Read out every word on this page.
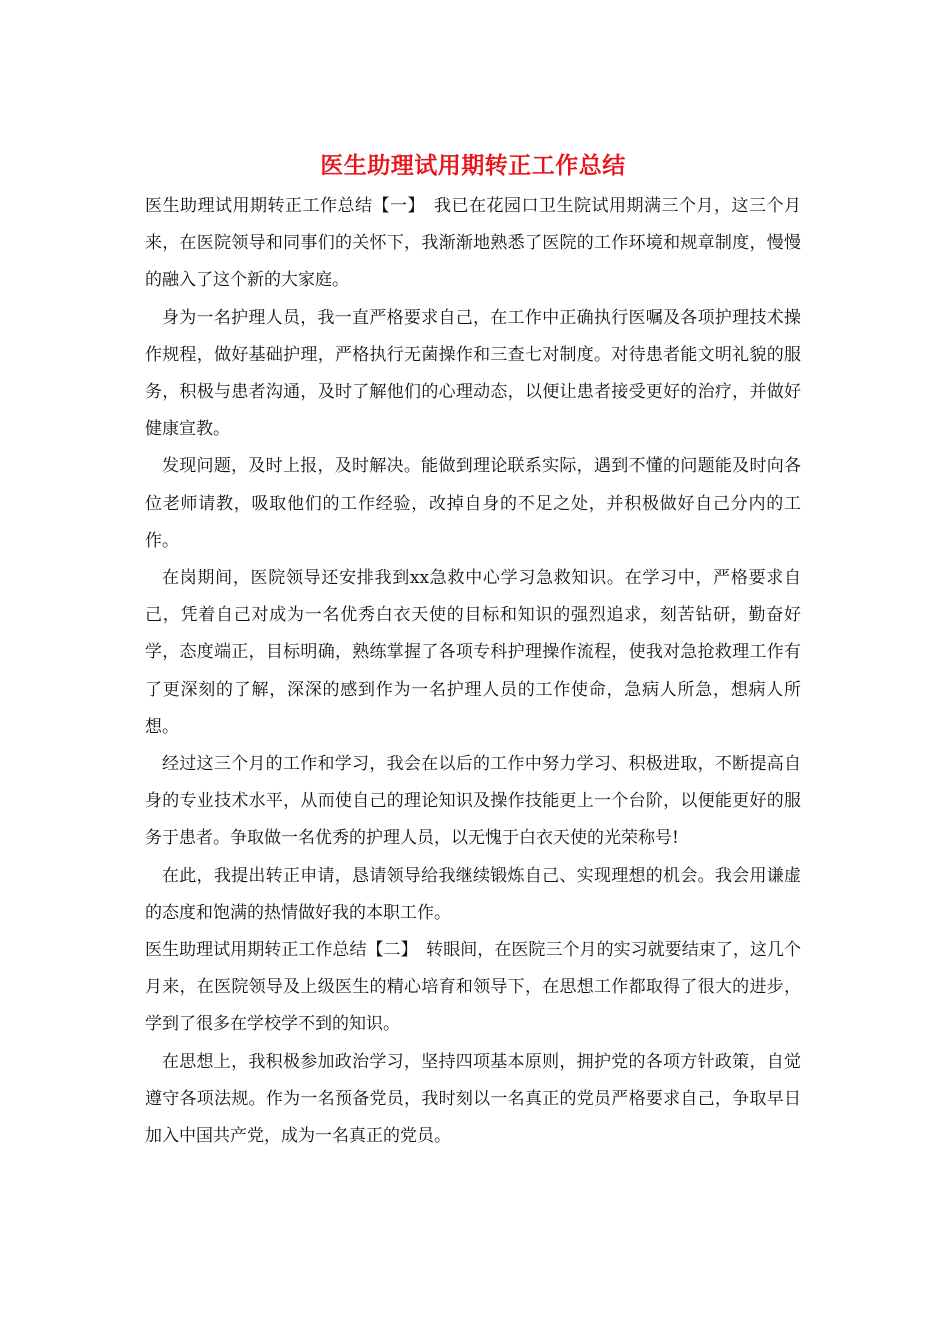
医生助理试用期转正工作总结

医生助理试用期转正工作总结【一】　我已在花园口卫生院试用期满三个月，这三个月来，在医院领导和同事们的关怀下，我渐渐地熟悉了医院的工作环境和规章制度，慢慢的融入了这个新的大家庭。

身为一名护理人员，我一直严格要求自己，在工作中正确执行医嘱及各项护理技术操作规程，做好基础护理，严格执行无菌操作和三查七对制度。对待患者能文明礼貌的服务，积极与患者沟通，及时了解他们的心理动态，以便让患者接受更好的治疗，并做好健康宣教。

发现问题，及时上报，及时解决。能做到理论联系实际，遇到不懂的问题能及时向各位老师请教，吸取他们的工作经验，改掉自身的不足之处，并积极做好自己分内的工作。

在岗期间，医院领导还安排我到xx急救中心学习急救知识。在学习中，严格要求自己，凭着自己对成为一名优秀白衣天使的目标和知识的强烈追求，刻苦钻研，勤奋好学，态度端正，目标明确，熟练掌握了各项专科护理操作流程，使我对急抢救理工作有了更深刻的了解，深深的感到作为一名护理人员的工作使命，急病人所急，想病人所想。

经过这三个月的工作和学习，我会在以后的工作中努力学习、积极进取，不断提高自身的专业技术水平，从而使自己的理论知识及操作技能更上一个台阶，以便能更好的服务于患者。争取做一名优秀的护理人员，以无愧于白衣天使的光荣称号!

在此，我提出转正申请，恳请领导给我继续锻炼自己、实现理想的机会。我会用谦虚的态度和饱满的热情做好我的本职工作。

医生助理试用期转正工作总结【二】　转眼间，在医院三个月的实习就要结束了，这几个月来，在医院领导及上级医生的精心培育和领导下，在思想工作都取得了很大的进步，学到了很多在学校学不到的知识。

在思想上，我积极参加政治学习，坚持四项基本原则，拥护党的各项方针政策，自觉遵守各项法规。作为一名预备党员，我时刻以一名真正的党员严格要求自己，争取早日加入中国共产党，成为一名真正的党员。
